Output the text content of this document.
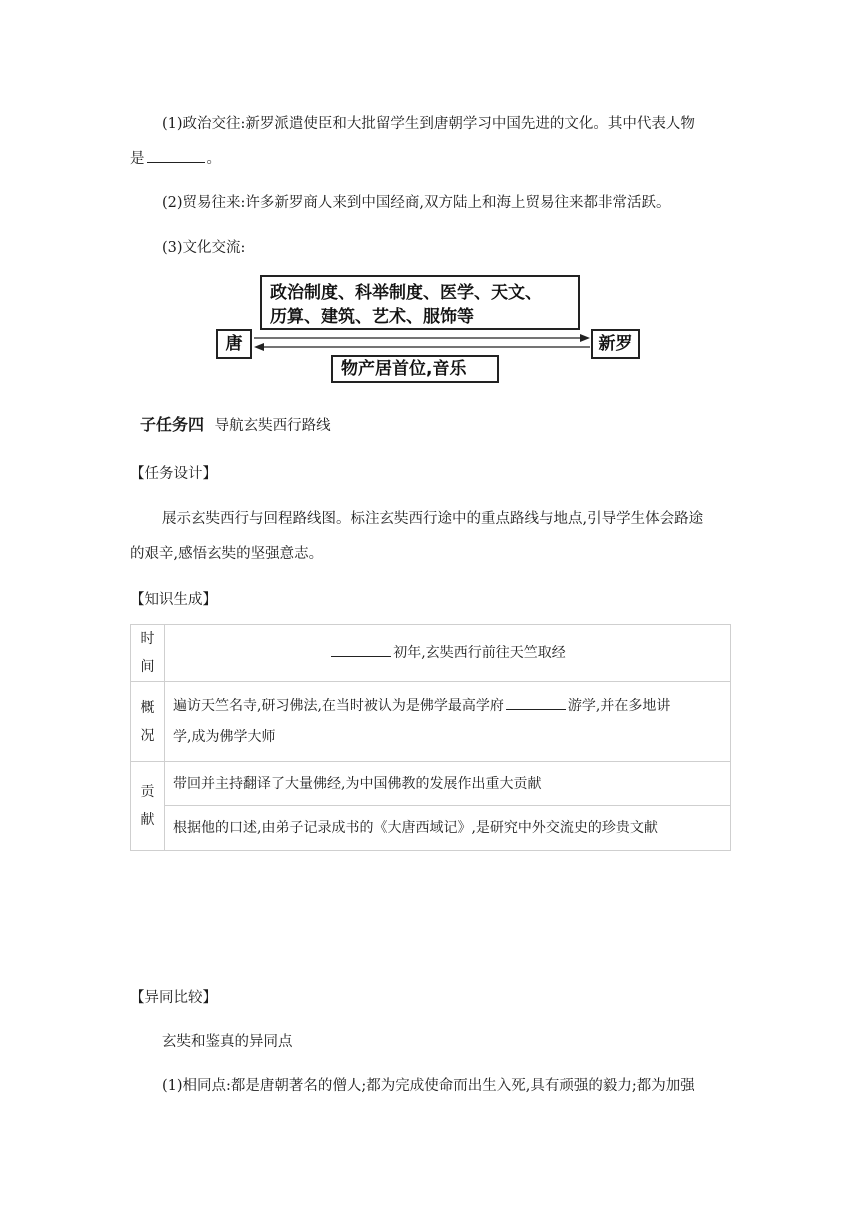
(1)政治交往:新罗派遣使臣和大批留学生到唐朝学习中国先进的文化。其中代表人物
是	。
(2)贸易往来:许多新罗商人来到中国经商,双方陆上和海上贸易往来都非常活跃。
(3)文化交流:
政治制度、科举制度、医学、天文、
历算、建筑、艺术、服饰等
唐	新罗
物产居首位,音乐
子任务四 导航玄奘西行路线
【任务设计】
展示玄奘西行与回程路线图。标注玄奘西行途中的重点路线与地点,引导学生体会路途
的艰辛,感悟玄奘的坚强意志。
【知识生成】
时间	初年,玄奘西行前往天竺取经
概况	遍访天竺名寺,研习佛法,在当时被认为是佛学最高学府 游学,并在多地讲
学,成为佛学大师

贡献	带回并主持翻译了大量佛经,为中国佛教的发展作出重大贡献
	根据他的口述,由弟子记录成书的《大唐西域记》,是研究中外交流史的珍贵文献
【异同比较】
玄奘和鉴真的异同点
(1)相同点:都是唐朝著名的僧人;都为完成使命而出生入死,具有顽强的毅力;都为加强
